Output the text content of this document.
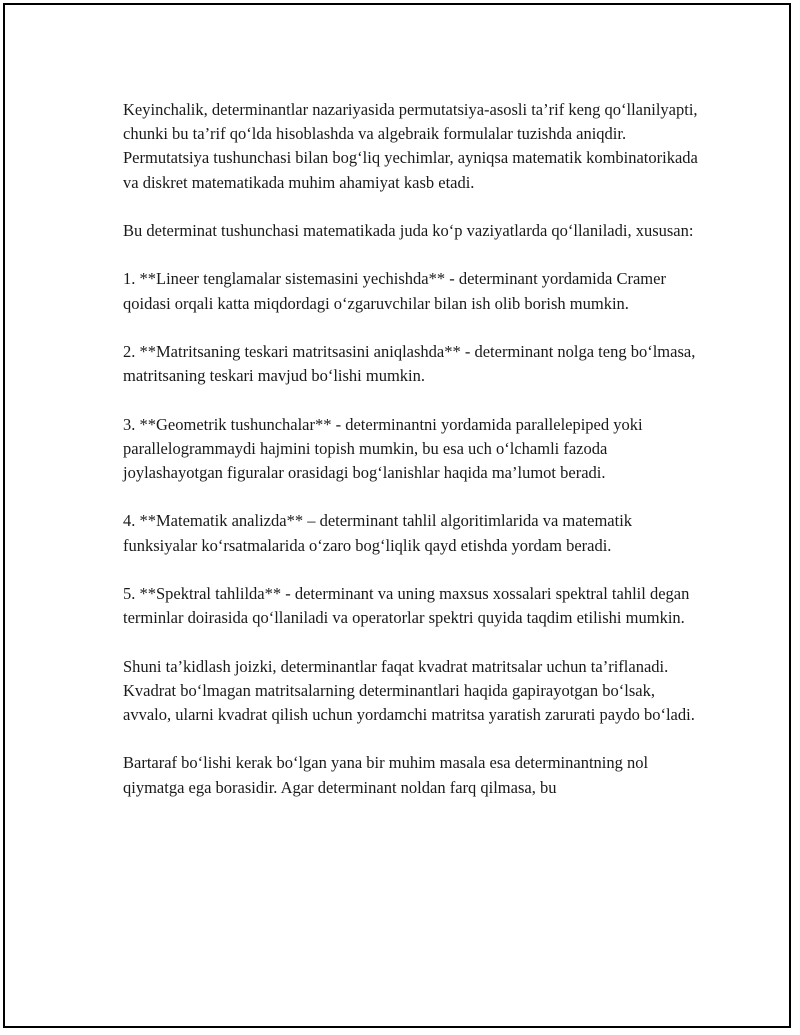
Keyinchalik, determinantlar nazariyasida permutatsiya-asosli ta’rif keng qo‘llanilyapti, chunki bu ta’rif qo‘lda hisoblashda va algebraik formulalar tuzishda aniqdir. Permutatsiya tushunchasi bilan bog‘liq yechimlar, ayniqsa matematik kombinatorikada va diskret matematikada muhim ahamiyat kasb etadi.

Bu determinat tushunchasi matematikada juda ko‘p vaziyatlarda qo‘llaniladi, xususan:

1. **Lineer tenglamalar sistemasini yechishda** - determinant yordamida Cramer qoidasi orqali katta miqdordagi o‘zgaruvchilar bilan ish olib borish mumkin.

2. **Matritsaning teskari matritsasini aniqlashda** - determinant nolga teng bo‘lmasa, matritsaning teskari mavjud bo‘lishi mumkin.

3. **Geometrik tushunchalar** - determinantni yordamida parallelepiped yoki parallelogrammaydi hajmini topish mumkin, bu esa uch o‘lchamli fazoda joylashayotgan figuralar orasidagi bog‘lanishlar haqida ma’lumot beradi.

4. **Matematik analizda** – determinant tahlil algoritimlarida va matematik funksiyalar ko‘rsatmalarida o‘zaro bog‘liqlik qayd etishda yordam beradi.

5. **Spektral tahlilda** - determinant va uning maxsus xossalari spektral tahlil degan terminlar doirasida qo‘llaniladi va operatorlar spektri quyida taqdim etilishi mumkin.

Shuni ta’kidlash joizki, determinantlar faqat kvadrat matritsalar uchun ta’riflanadi. Kvadrat bo‘lmagan matritsalarning determinantlari haqida gapirayotgan bo‘lsak, avvalo, ularni kvadrat qilish uchun yordamchi matritsa yaratish zarurati paydo bo‘ladi.

Bartaraf bo‘lishi kerak bo‘lgan yana bir muhim masala esa determinantning nol qiymatga ega borasidir. Agar determinant noldan farq qilmasa, bu
